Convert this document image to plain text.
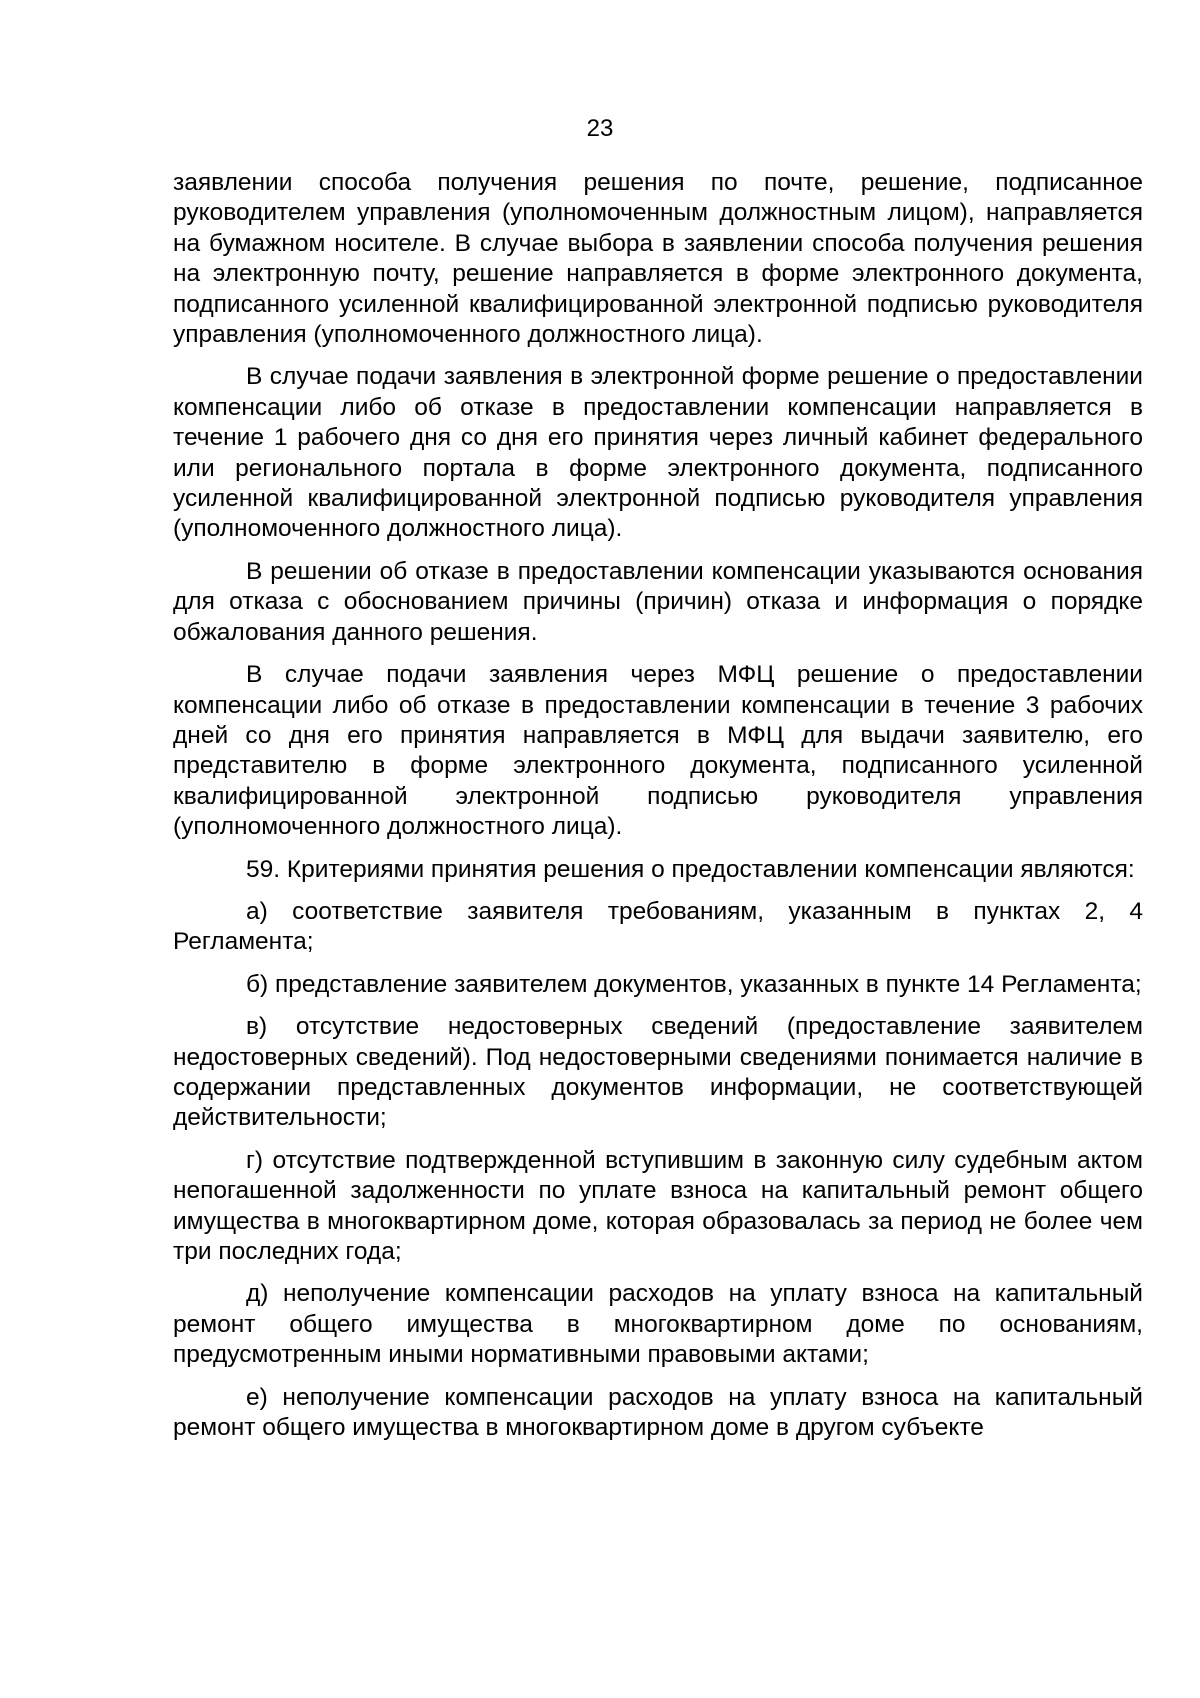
23

заявлении способа получения решения по почте, решение, подписанное руководителем управления (уполномоченным должностным лицом), направляется на бумажном носителе. В случае выбора в заявлении способа получения решения на электронную почту, решение направляется в форме электронного документа, подписанного усиленной квалифицированной электронной подписью руководителя управления (уполномоченного должностного лица).

В случае подачи заявления в электронной форме решение о предоставлении компенсации либо об отказе в предоставлении компенсации направляется в течение 1 рабочего дня со дня его принятия через личный кабинет федерального или регионального портала в форме электронного документа, подписанного усиленной квалифицированной электронной подписью руководителя управления (уполномоченного должностного лица).

В решении об отказе в предоставлении компенсации указываются основания для отказа с обоснованием причины (причин) отказа и информация о порядке обжалования данного решения.

В случае подачи заявления через МФЦ решение о предоставлении компенсации либо об отказе в предоставлении компенсации в течение 3 рабочих дней со дня его принятия направляется в МФЦ для выдачи заявителю, его представителю в форме электронного документа, подписанного усиленной квалифицированной электронной подписью руководителя управления (уполномоченного должностного лица).

59. Критериями принятия решения о предоставлении компенсации являются:

а) соответствие заявителя требованиям, указанным в пунктах 2, 4 Регламента;

б) представление заявителем документов, указанных в пункте 14 Регламента;

в) отсутствие недостоверных сведений (предоставление заявителем недостоверных сведений). Под недостоверными сведениями понимается наличие в содержании представленных документов информации, не соответствующей действительности;

г) отсутствие подтвержденной вступившим в законную силу судебным актом непогашенной задолженности по уплате взноса на капитальный ремонт общего имущества в многоквартирном доме, которая образовалась за период не более чем три последних года;

д) неполучение компенсации расходов на уплату взноса на капитальный ремонт общего имущества в многоквартирном доме по основаниям, предусмотренным иными нормативными правовыми актами;

е) неполучение компенсации расходов на уплату взноса на капитальный ремонт общего имущества в многоквартирном доме в другом субъекте
